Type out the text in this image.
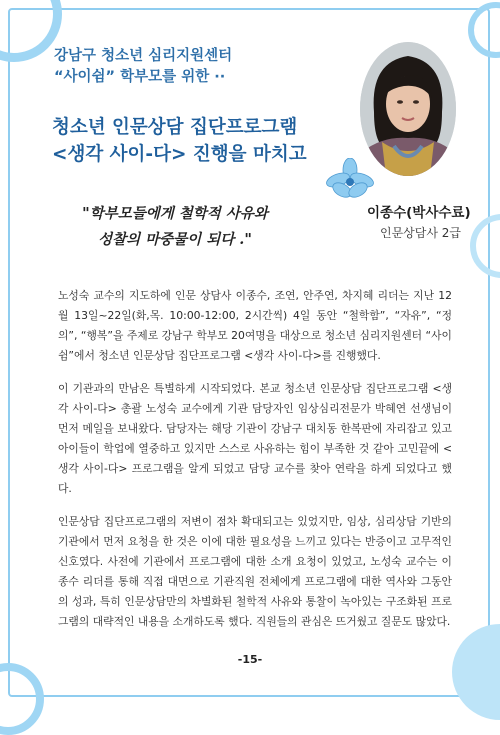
강남구 청소년 심리지원센터
“사이쉼” 학부모를 위한 ··
청소년 인문상담 집단프로그램
<생각 사이-다> 진행을 마치고
"학부모들에게 철학적 사유와
성찰의 마중물이 되다 ."
이종수(박사수료)
인문상담사 2급

노성숙 교수의 지도하에 인문 상담사 이종수, 조연, 안주연, 차지혜 리더는 지난 12월 13일~22일(화,목. 10:00-12:00, 2시간씩) 4일 동안 “철학함”, “자유”, “정의”, “행복”을 주제로 강남구 학부모 20여명을 대상으로 청소년 심리지원센터 “사이쉼”에서 청소년 인문상담 집단프로그램 <생각 사이-다>를 진행했다.

이 기관과의 만남은 특별하게 시작되었다. 본교 청소년 인문상담 집단프로그램 <생각 사이-다> 총괄 노성숙 교수에게 기관 담당자인 임상심리전문가 박혜연 선생님이 먼저 메일을 보내왔다. 담당자는 해당 기관이 강남구 대치동 한복판에 자리잡고 있고 아이들이 학업에 열중하고 있지만 스스로 사유하는 힘이 부족한 것 같아 고민끝에 <생각 사이-다> 프로그램을 알게 되었고 담당 교수를 찾아 연락을 하게 되었다고 했다.

인문상담 집단프로그램의 저변이 점차 확대되고는 있었지만, 임상, 심리상담 기반의 기관에서 먼저 요청을 한 것은 이에 대한 필요성을 느끼고 있다는 반증이고 고무적인 신호였다. 사전에 기관에서 프로그램에 대한 소개 요청이 있었고, 노성숙 교수는 이종수 리더를 통해 직접 대면으로 기관직원 전체에게 프로그램에 대한 역사와 그동안의 성과, 특히 인문상담만의 차별화된 철학적 사유와 통찰이 녹아있는 구조화된 프로그램의 대략적인 내용을 소개하도록 했다. 직원들의 관심은 뜨거웠고 질문도 많았다.

-15-
